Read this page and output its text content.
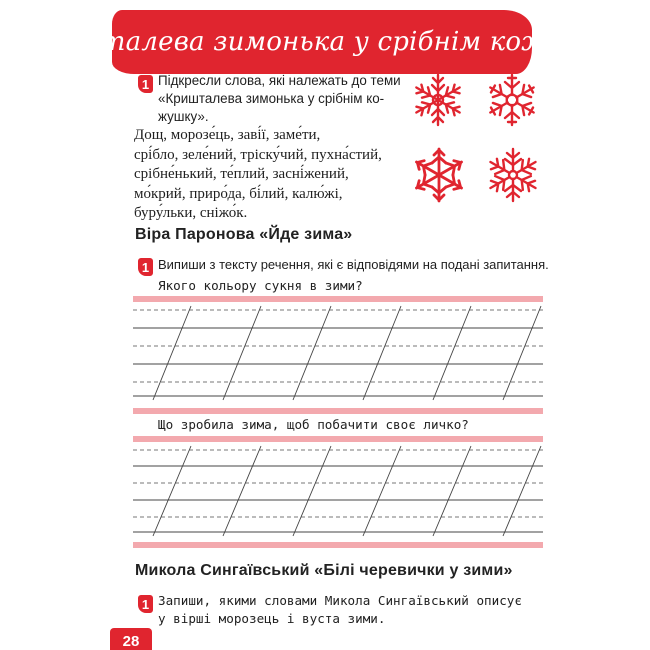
Кришталева зимонька у срібнім кожушку
1 Підкресли слова, які належать до теми
«Кришталева зимонька у срібнім ко-
жушку».
Дощ, морозе́ць, заві́ї, заме́ти,
срі́бло, зеле́ний, тріску́чий, пухна́стий,
срібне́нький, те́плий, засні́жений,
мо́крий, приро́да, бі́лий, калю́жі,
буру́льки, сніжо́к.
Віра Паронова «Йде зима»
1 Випиши з тексту речення, які є відповідями на подані запитання.
Якого кольору сукня в зими?
Що зробила зима, щоб побачити своє личко?
Микола Сингаївський «Білі черевички у зими»
1 Запиши, якими словами Микола Сингаївський описує
у вірші морозець і вуста зими.
28
